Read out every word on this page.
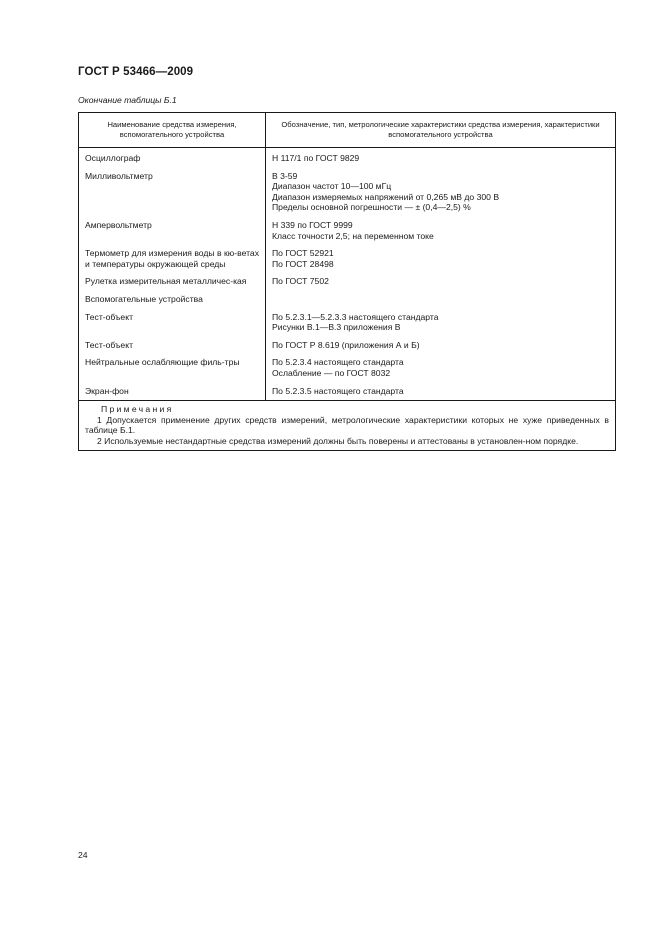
ГОСТ Р 53466—2009
Окончание таблицы Б.1
Наименование средства измерения, вспомогательного устройства	Обозначение, тип, метрологические характеристики средства измерения, характеристики вспомогательного устройства
Осциллограф	Н 117/1 по ГОСТ 9829

Милливольтметр	В 3-59
Диапазон частот 10—100 мГц
Диапазон измеряемых напряжений от 0,265 мВ до 300 В
Пределы основной погрешности — ± (0,4—2,5) %

Ампервольтметр	Н 339 по ГОСТ 9999
Класс точности 2,5; на переменном токе

Термометр для измерения воды в кю-ветах и температуры окружающей среды	По ГОСТ 52921
По ГОСТ 28498

Рулетка измерительная металличес-кая	По ГОСТ 7502

Вспомогательные устройства	
Тест-объект	По 5.2.3.1—5.2.3.3 настоящего стандарта
Рисунки В.1—В.3 приложения В

Тест-объект	По ГОСТ Р 8.619 (приложения А и Б)

Нейтральные ослабляющие филь-тры	По 5.2.3.4 настоящего стандарта
Ослабление — по ГОСТ 8032

Экран-фон	По 5.2.3.5 настоящего стандарта

Примечания
1 Допускается применение других средств измерений, метрологические характеристики которых не хуже приведенных в таблице Б.1.
2 Используемые нестандартные средства измерений должны быть поверены и аттестованы в установлен-ном порядке.	
24
